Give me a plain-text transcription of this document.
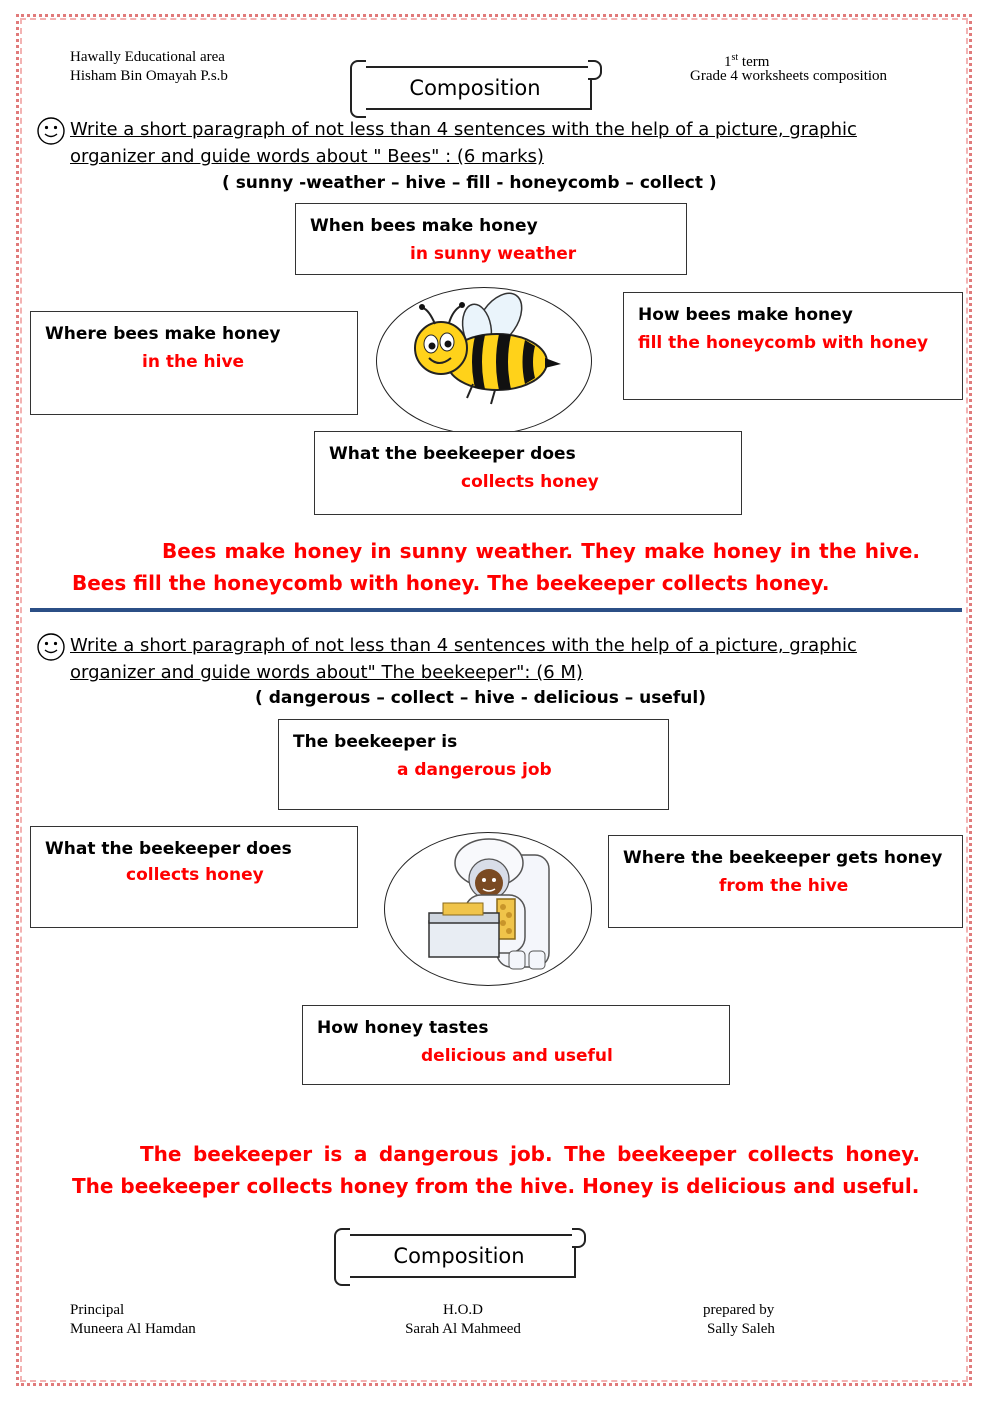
Hawally Educational area
Hisham Bin Omayah P.s.b
1st term
Grade 4 worksheets composition
Composition
Write a short paragraph of not less than 4 sentences with the help of a picture, graphic
organizer and guide words about " Bees" : (6 marks)
( sunny -weather – hive – fill - honeycomb – collect )
When bees make honey
in sunny weather
Where bees make honey
in the hive
How bees make honey
fill the honeycomb with honey
What the beekeeper does
collects honey
Bees make honey in sunny weather. They make honey in the hive. Bees fill the honeycomb with honey. The beekeeper collects honey.
Write a short paragraph of not less than 4 sentences with the help of a picture, graphic
organizer and guide words about" The beekeeper": (6 M)
( dangerous – collect – hive - delicious – useful)
The beekeeper is
a dangerous job
What the beekeeper does
collects honey
Where the beekeeper gets honey
from the hive
How honey tastes
delicious and useful
The beekeeper is a dangerous job. The beekeeper collects honey. The beekeeper collects honey from the hive. Honey is delicious and useful.
Composition
Principal
Muneera Al Hamdan
H.O.D
Sarah Al Mahmeed
prepared by
Sally Saleh
